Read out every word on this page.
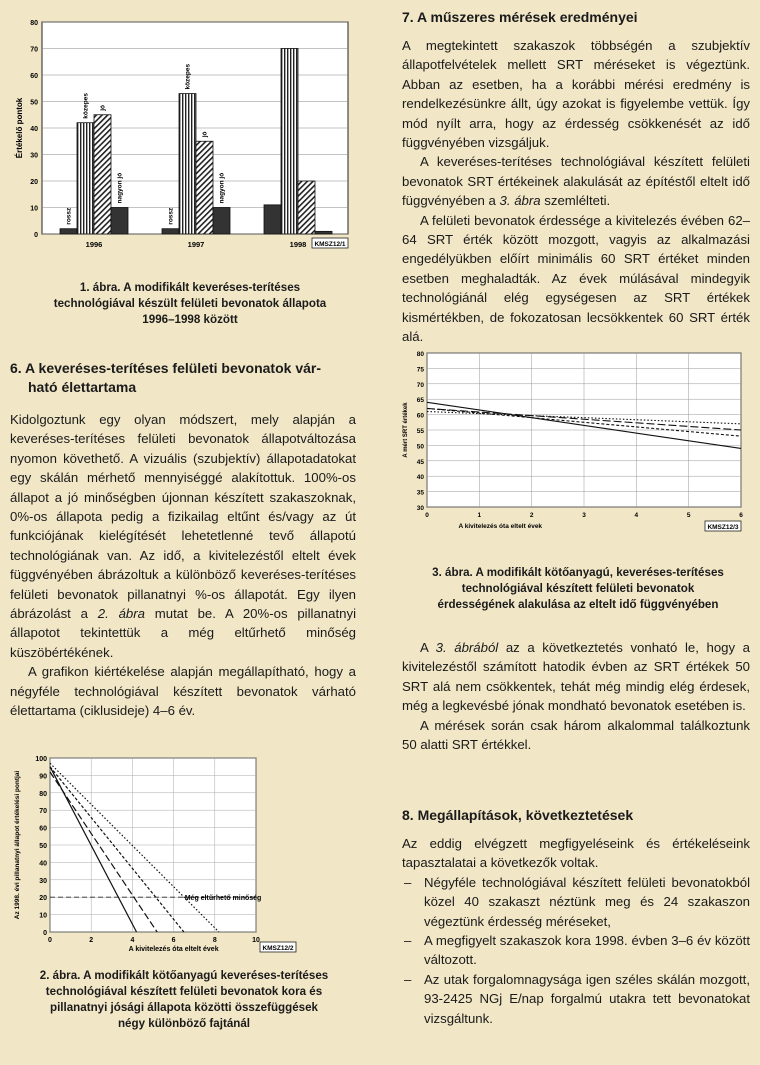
0
10
20
30
40
50
60
70
80
Értékelő pontok
rossz
közepes jó
nagyon jó
1996
rossz
közepes
jó
nagyon jó
1997	1998 KMSZ12/1
1. ábra. A modifikált keveréses-terítéses
technológiával készült felületi bevonatok állapota
1996–1998 között
6. A keveréses-terítéses felületi bevonatok vár-
ható élettartama

Kidolgoztunk egy olyan módszert, mely alapján a keveréses-terítéses felületi bevonatok állapotváltozása nyomon követhető. A vizuális (szubjektív) állapotadatokat egy skálán mérhető mennyiséggé alakítottuk. 100%-os állapot a jó minőségben újonnan készített szakaszoknak, 0%-os állapota pedig a fizikailag eltűnt és/vagy az út funkciójának kielégítését lehetetlenné tevő állapotú technológiának van. Az idő, a kivitelezéstől eltelt évek függvényében ábrázoltuk a különböző keveréses-terítéses felületi bevonatok pillanatnyi %-os állapotát. Egy ilyen ábrázolást a 2. ábra mutat be. A 20%-os pillanatnyi állapotot tekintettük a még eltűrhető minőség küszöbértékének.

A grafikon kiértékelése alapján megállapítható, hogy a négyféle technológiával készített bevonatok várható élettartama (ciklusideje) 4–6 év.

0
10
20
30
40
50
60
70
80
90
100
0	2	4	6	8	10
Még eltűrhető minőség
A kivitelezés óta eltelt évek
Az 1998. évi pillanatnyi állapot értékelési pontjai
KMSZ12/2
2. ábra. A modifikált kötőanyagú keveréses-terítéses
technológiával készített felületi bevonatok kora és
pillanatnyi jósági állapota közötti összefüggések
négy különböző fajtánál
7. A műszeres mérések eredményei

A megtekintett szakaszok többségén a szubjektív állapotfelvételek mellett SRT méréseket is végeztünk. Abban az esetben, ha a korábbi mérési eredmény is rendelkezésünkre állt, úgy azokat is figyelembe vettük. Így mód nyílt arra, hogy az érdesség csökkenését az idő függvényében vizsgáljuk.

A keveréses-terítéses technológiával készített felületi bevonatok SRT értékeinek alakulását az építéstől eltelt idő függvényében a 3. ábra szemlélteti.

A felületi bevonatok érdessége a kivitelezés évében 62–64 SRT érték között mozgott, vagyis az alkalmazási engedélyükben előírt minimális 60 SRT értéket minden esetben meghaladták. Az évek múlásával mindegyik technológiánál elég egységesen az SRT értékek kismértékben, de fokozatosan lecsökkentek 60 SRT érték alá.

30
35
40
45
50
55
60
65
70
75
80
0	1	2	3	4	5	6
A kivitelezés óta eltelt évek
A mért SRT értékek
KMSZ12/3
3. ábra. A modifikált kötőanyagú, keveréses-terítéses
technológiával készített felületi bevonatok
érdességének alakulása az eltelt idő függvényében

A 3. ábrából az a következtetés vonható le, hogy a kivitelezéstől számított hatodik évben az SRT értékek 50 SRT alá nem csökkentek, tehát még mindig elég érdesek, még a legkevésbé jónak mondható bevonatok esetében is.

A mérések során csak három alkalommal találkoztunk 50 alatti SRT értékkel.

8. Megállapítások, következtetések

Az eddig elvégzett megfigyeléseink és értékeléseink tapasztalatai a következők voltak.

– Négyféle technológiával készített felületi bevonatokból közel 40 szakaszt néztünk meg és 24 szakaszon végeztünk érdesség méréseket,
– A megfigyelt szakaszok kora 1998. évben 3–6 év között változott.
– Az utak forgalomnagysága igen széles skálán mozgott, 93-2425 NGj E/nap forgalmú utakra tett bevonatokat vizsgáltunk.
